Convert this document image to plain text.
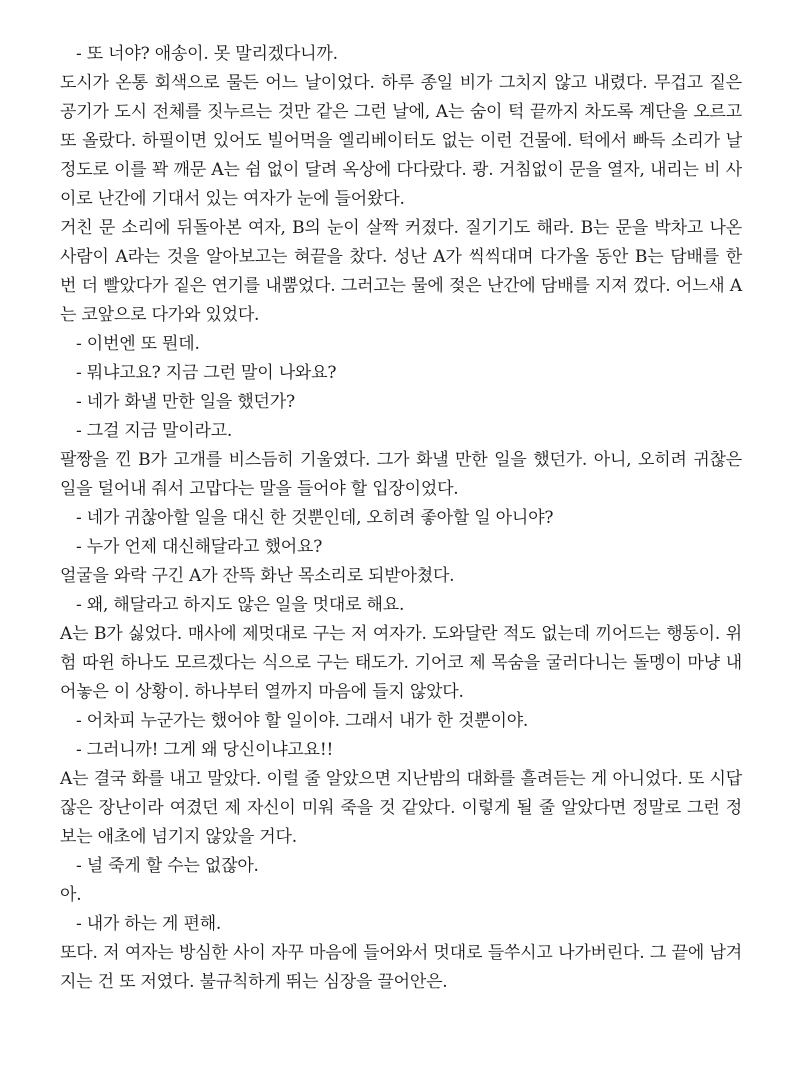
- 또 너야? 애송이. 못 말리겠다니까.

도시가 온통 회색으로 물든 어느 날이었다. 하루 종일 비가 그치지 않고 내렸다. 무겁고 짙은 공기가 도시 전체를 짓누르는 것만 같은 그런 날에, A는 숨이 턱 끝까지 차도록 계단을 오르고 또 올랐다. 하필이면 있어도 빌어먹을 엘리베이터도 없는 이런 건물에. 턱에서 빠득 소리가 날 정도로 이를 꽉 깨문 A는 쉼 없이 달려 옥상에 다다랐다. 쾅. 거침없이 문을 열자, 내리는 비 사이로 난간에 기대서 있는 여자가 눈에 들어왔다.

거친 문 소리에 뒤돌아본 여자, B의 눈이 살짝 커졌다. 질기기도 해라. B는 문을 박차고 나온 사람이 A라는 것을 알아보고는 혀끝을 찼다. 성난 A가 씩씩대며 다가올 동안 B는 담배를 한 번 더 빨았다가 짙은 연기를 내뿜었다. 그러고는 물에 젖은 난간에 담배를 지져 껐다. 어느새 A는 코앞으로 다가와 있었다.

- 이번엔 또 뭔데.

- 뭐냐고요? 지금 그런 말이 나와요?

- 네가 화낼 만한 일을 했던가?

- 그걸 지금 말이라고.

팔짱을 낀 B가 고개를 비스듬히 기울였다. 그가 화낼 만한 일을 했던가. 아니, 오히려 귀찮은 일을 덜어내 줘서 고맙다는 말을 들어야 할 입장이었다.

- 네가 귀찮아할 일을 대신 한 것뿐인데, 오히려 좋아할 일 아니야?

- 누가 언제 대신해달라고 했어요?

얼굴을 와락 구긴 A가 잔뜩 화난 목소리로 되받아쳤다.

- 왜, 해달라고 하지도 않은 일을 멋대로 해요.

A는 B가 싫었다. 매사에 제멋대로 구는 저 여자가. 도와달란 적도 없는데 끼어드는 행동이. 위험 따윈 하나도 모르겠다는 식으로 구는 태도가. 기어코 제 목숨을 굴러다니는 돌멩이 마냥 내어놓은 이 상황이. 하나부터 열까지 마음에 들지 않았다.

- 어차피 누군가는 했어야 할 일이야. 그래서 내가 한 것뿐이야.

- 그러니까! 그게 왜 당신이냐고요!!

A는 결국 화를 내고 말았다. 이럴 줄 알았으면 지난밤의 대화를 흘려듣는 게 아니었다. 또 시답잖은 장난이라 여겼던 제 자신이 미워 죽을 것 같았다. 이렇게 될 줄 알았다면 정말로 그런 정보는 애초에 넘기지 않았을 거다.

- 널 죽게 할 수는 없잖아.

아.

- 내가 하는 게 편해.

또다. 저 여자는 방심한 사이 자꾸 마음에 들어와서 멋대로 들쑤시고 나가버린다. 그 끝에 남겨지는 건 또 저였다. 불규칙하게 뛰는 심장을 끌어안은.
